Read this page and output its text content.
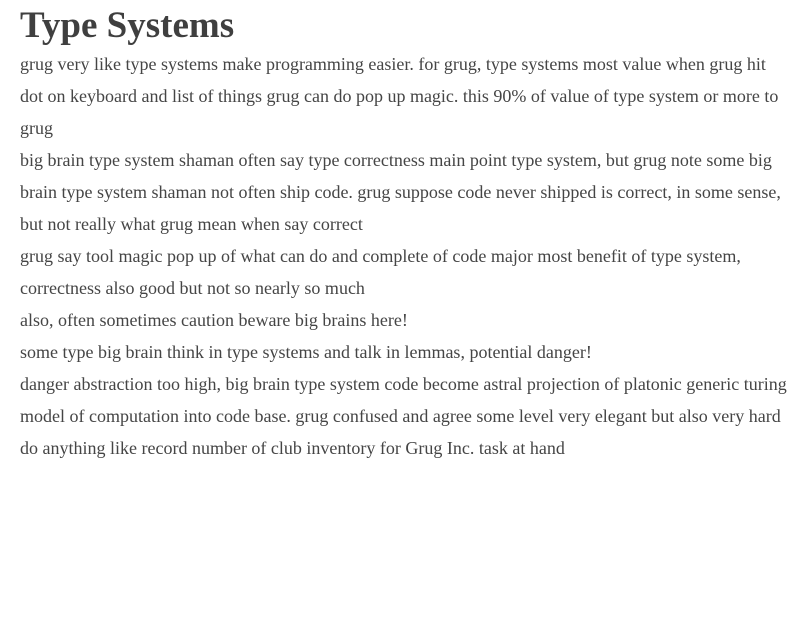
Type Systems

grug very like type systems make programming easier. for grug, type systems most value when grug hit dot on keyboard and list of things grug can do pop up magic. this 90% of value of type system or more to grug

big brain type system shaman often say type correctness main point type system, but grug note some big brain type system shaman not often ship code. grug suppose code never shipped is correct, in some sense, but not really what grug mean when say correct

grug say tool magic pop up of what can do and complete of code major most benefit of type system, correctness also good but not so nearly so much

also, often sometimes caution beware big brains here!

some type big brain think in type systems and talk in lemmas, potential danger!

danger abstraction too high, big brain type system code become astral projection of platonic generic turing model of computation into code base. grug confused and agree some level very elegant but also very hard do anything like record number of club inventory for Grug Inc. task at hand
